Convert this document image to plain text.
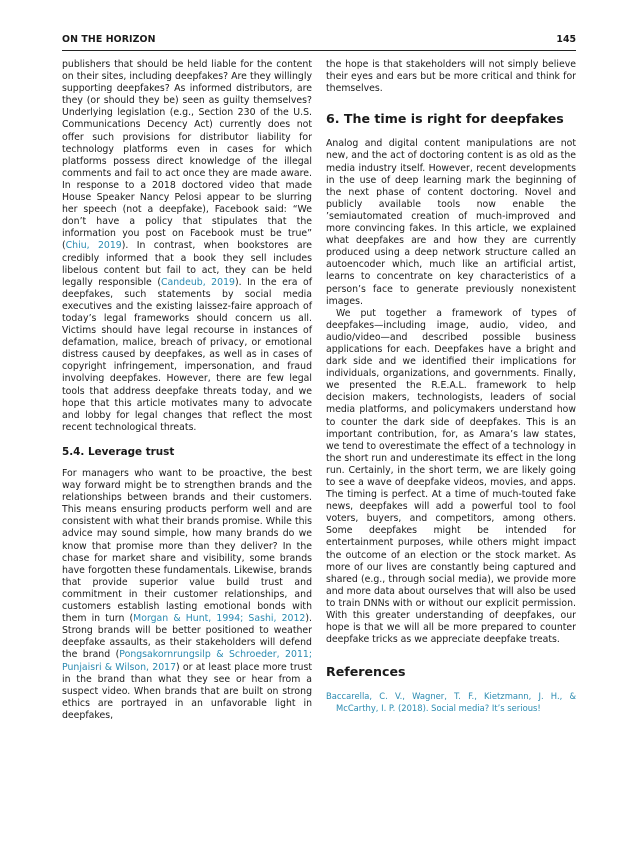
ON THE HORIZON	145

publishers that should be held liable for the content on their sites, including deepfakes? Are they willingly supporting deepfakes? As informed distributors, are they (or should they be) seen as guilty themselves? Underlying legislation (e.g., Section 230 of the U.S. Communications Decency Act) currently does not offer such provisions for distributor liability for technology platforms even in cases for which platforms possess direct knowledge of the illegal comments and fail to act once they are made aware. In response to a 2018 doctored video that made House Speaker Nancy Pelosi appear to be slurring her speech (not a deepfake), Facebook said: “We don’t have a policy that stipulates that the information you post on Facebook must be true” (Chiu, 2019). In contrast, when bookstores are credibly informed that a book they sell includes libelous content but fail to act, they can be held legally responsible (Candeub, 2019). In the era of deepfakes, such statements by social media executives and the existing laissez-faire approach of today’s legal frameworks should concern us all. Victims should have legal recourse in instances of defamation, malice, breach of privacy, or emotional distress caused by deepfakes, as well as in cases of copyright infringement, impersonation, and fraud involving deepfakes. However, there are few legal tools that address deepfake threats today, and we hope that this article motivates many to advocate and lobby for legal changes that reflect the most recent technological threats.

5.4. Leverage trust

For managers who want to be proactive, the best way forward might be to strengthen brands and the relationships between brands and their customers. This means ensuring products perform well and are consistent with what their brands promise. While this advice may sound simple, how many brands do we know that promise more than they deliver? In the chase for market share and visibility, some brands have forgotten these fundamentals. Likewise, brands that provide superior value build trust and commitment in their customer relationships, and customers establish lasting emotional bonds with them in turn (Morgan & Hunt, 1994; Sashi, 2012). Strong brands will be better positioned to weather deepfake assaults, as their stakeholders will defend the brand (Pongsakornrungsilp & Schroeder, 2011; Punjaisri & Wilson, 2017) or at least place more trust in the brand than what they see or hear from a suspect video. When brands that are built on strong ethics are portrayed in an unfavorable light in deepfakes,

the hope is that stakeholders will not simply believe their eyes and ears but be more critical and think for themselves.

6. The time is right for deepfakes

Analog and digital content manipulations are not new, and the act of doctoring content is as old as the media industry itself. However, recent developments in the use of deep learning mark the beginning of the next phase of content doctoring. Novel and publicly available tools now enable the ’semiautomated creation of much-improved and more convincing fakes. In this article, we explained what deepfakes are and how they are currently produced using a deep network structure called an autoencoder which, much like an artificial artist, learns to concentrate on key characteristics of a person’s face to generate previously nonexistent images.

We put together a framework of types of deepfakes—including image, audio, video, and audio/video—and described possible business applications for each. Deepfakes have a bright and dark side and we identified their implications for individuals, organizations, and governments. Finally, we presented the R.E.A.L. framework to help decision makers, technologists, leaders of social media platforms, and policymakers understand how to counter the dark side of deepfakes. This is an important contribution, for, as Amara’s law states, we tend to overestimate the effect of a technology in the short run and underestimate its effect in the long run. Certainly, in the short term, we are likely going to see a wave of deepfake videos, movies, and apps. The timing is perfect. At a time of much-touted fake news, deepfakes will add a powerful tool to fool voters, buyers, and competitors, among others. Some deepfakes might be intended for entertainment purposes, while others might impact the outcome of an election or the stock market. As more of our lives are constantly being captured and shared (e.g., through social media), we provide more and more data about ourselves that will also be used to train DNNs with or without our explicit permission. With this greater understanding of deepfakes, our hope is that we will all be more prepared to counter deepfake tricks as we appreciate deepfake treats.

References

Baccarella, C. V., Wagner, T. F., Kietzmann, J. H., & McCarthy, I. P. (2018). Social media? It’s serious!
